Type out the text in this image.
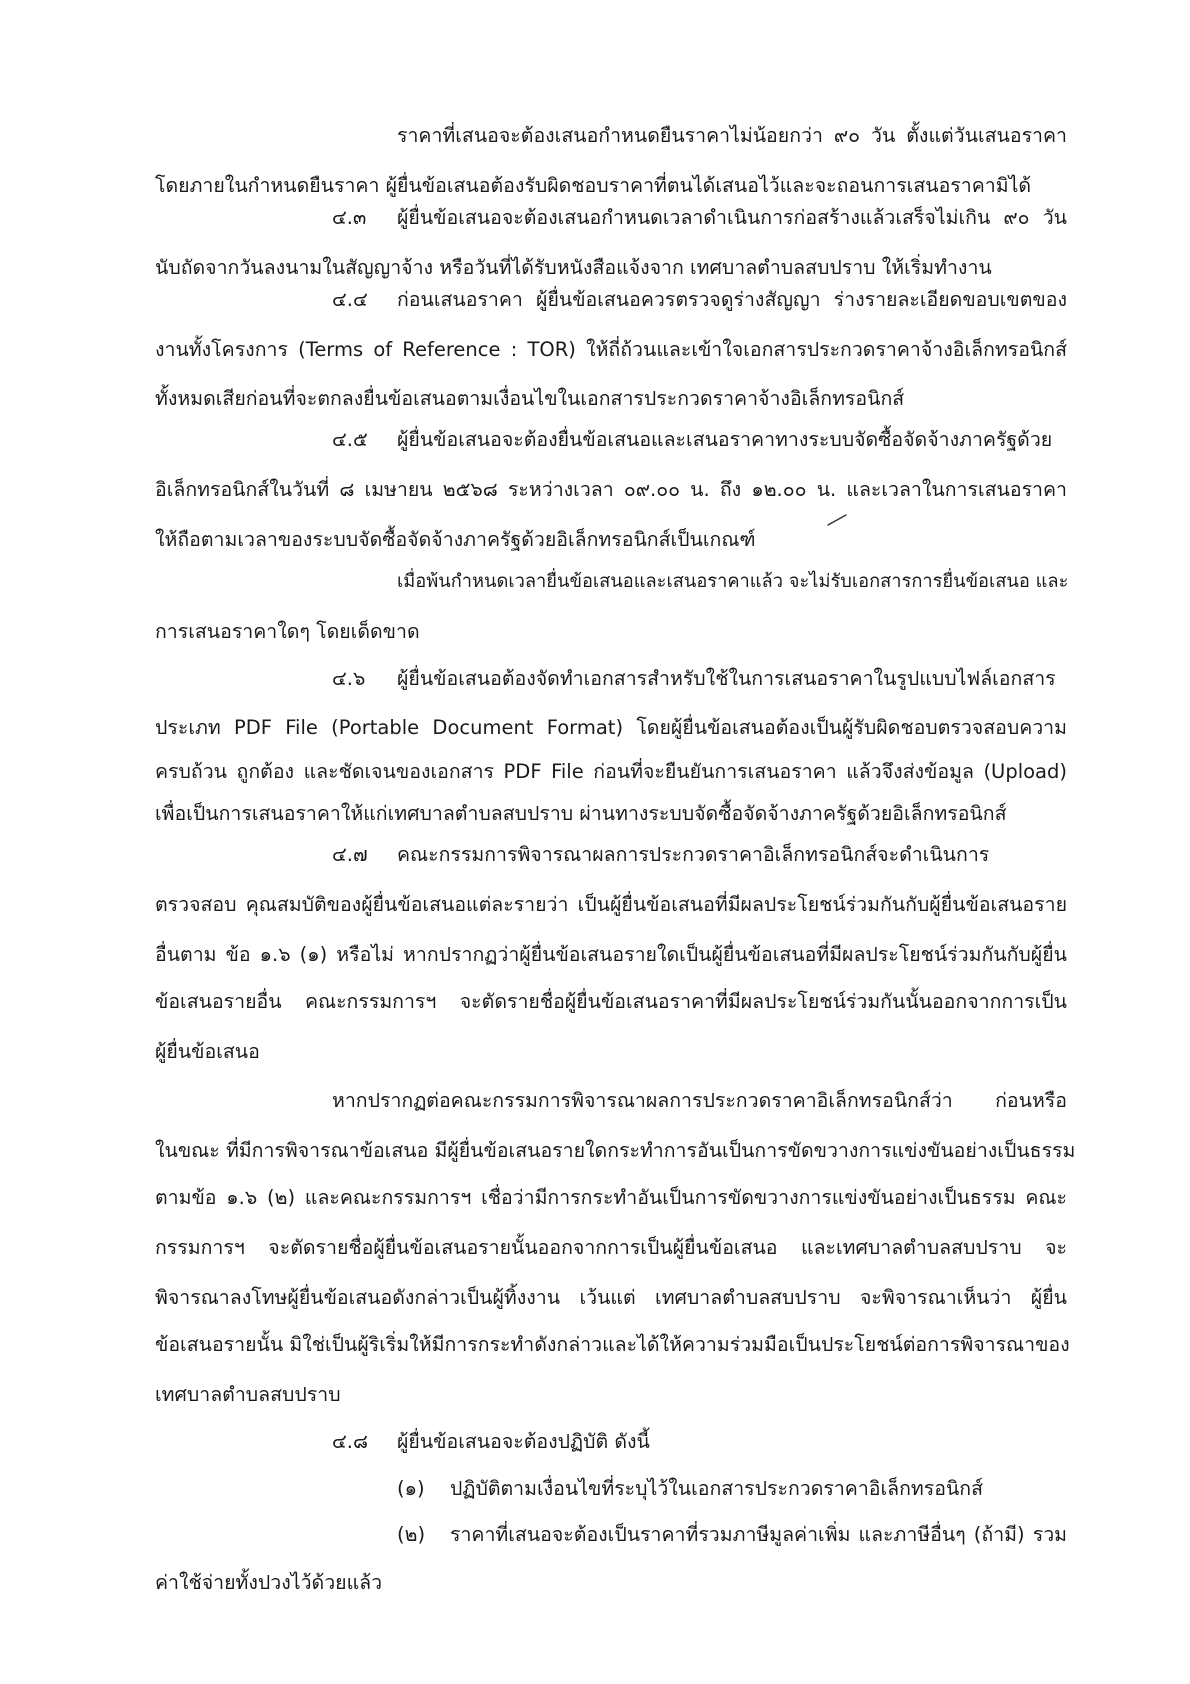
ราคาที่เสนอจะต้องเสนอกำหนดยืนราคาไม่น้อยกว่า ๙๐ วัน ตั้งแต่วันเสนอราคา
โดยภายในกำหนดยืนราคา ผู้ยื่นข้อเสนอต้องรับผิดชอบราคาที่ตนได้เสนอไว้และจะถอนการเสนอราคามิได้
๔.๓ ผู้ยื่นข้อเสนอจะต้องเสนอกำหนดเวลาดำเนินการก่อสร้างแล้วเสร็จไม่เกิน ๙๐ วัน
นับถัดจากวันลงนามในสัญญาจ้าง หรือวันที่ได้รับหนังสือแจ้งจาก เทศบาลตำบลสบปราบ ให้เริ่มทำงาน
๔.๔ ก่อนเสนอราคา ผู้ยื่นข้อเสนอควรตรวจดูร่างสัญญา ร่างรายละเอียดขอบเขตของ
งานทั้งโครงการ (Terms of Reference : TOR) ให้ถี่ถ้วนและเข้าใจเอกสารประกวดราคาจ้างอิเล็กทรอนิกส์
ทั้งหมดเสียก่อนที่จะตกลงยื่นข้อเสนอตามเงื่อนไขในเอกสารประกวดราคาจ้างอิเล็กทรอนิกส์
๔.๕ ผู้ยื่นข้อเสนอจะต้องยื่นข้อเสนอและเสนอราคาทางระบบจัดซื้อจัดจ้างภาครัฐด้วย
อิเล็กทรอนิกส์ในวันที่ ๘ เมษายน ๒๕๖๘ ระหว่างเวลา ๐๙.๐๐ น. ถึง ๑๒.๐๐ น. และเวลาในการเสนอราคา
ให้ถือตามเวลาของระบบจัดซื้อจัดจ้างภาครัฐด้วยอิเล็กทรอนิกส์เป็นเกณฑ์
เมื่อพ้นกำหนดเวลายื่นข้อเสนอและเสนอราคาแล้ว จะไม่รับเอกสารการยื่นข้อเสนอ และ
การเสนอราคาใดๆ โดยเด็ดขาด
๔.๖ ผู้ยื่นข้อเสนอต้องจัดทำเอกสารสำหรับใช้ในการเสนอราคาในรูปแบบไฟล์เอกสาร
ประเภท PDF File (Portable Document Format) โดยผู้ยื่นข้อเสนอต้องเป็นผู้รับผิดชอบตรวจสอบความ
ครบถ้วน ถูกต้อง และชัดเจนของเอกสาร PDF File ก่อนที่จะยืนยันการเสนอราคา แล้วจึงส่งข้อมูล (Upload)
เพื่อเป็นการเสนอราคาให้แก่เทศบาลตำบลสบปราบ ผ่านทางระบบจัดซื้อจัดจ้างภาครัฐด้วยอิเล็กทรอนิกส์
๔.๗ คณะกรรมการพิจารณาผลการประกวดราคาอิเล็กทรอนิกส์จะดำเนินการ
ตรวจสอบ คุณสมบัติของผู้ยื่นข้อเสนอแต่ละรายว่า เป็นผู้ยื่นข้อเสนอที่มีผลประโยชน์ร่วมกันกับผู้ยื่นข้อเสนอราย
อื่นตาม ข้อ ๑.๖ (๑) หรือไม่ หากปรากฏว่าผู้ยื่นข้อเสนอรายใดเป็นผู้ยื่นข้อเสนอที่มีผลประโยชน์ร่วมกันกับผู้ยื่น
ข้อเสนอรายอื่น คณะกรรมการฯ จะตัดรายชื่อผู้ยื่นข้อเสนอราคาที่มีผลประโยชน์ร่วมกันนั้นออกจากการเป็น
ผู้ยื่นข้อเสนอ
หากปรากฏต่อคณะกรรมการพิจารณาผลการประกวดราคาอิเล็กทรอนิกส์ว่า ก่อนหรือ
ในขณะ ที่มีการพิจารณาข้อเสนอ มีผู้ยื่นข้อเสนอรายใดกระทำการอันเป็นการขัดขวางการแข่งขันอย่างเป็นธรรม
ตามข้อ ๑.๖ (๒) และคณะกรรมการฯ เชื่อว่ามีการกระทำอันเป็นการขัดขวางการแข่งขันอย่างเป็นธรรม คณะ
กรรมการฯ จะตัดรายชื่อผู้ยื่นข้อเสนอรายนั้นออกจากการเป็นผู้ยื่นข้อเสนอ และเทศบาลตำบลสบปราบ จะ
พิจารณาลงโทษผู้ยื่นข้อเสนอดังกล่าวเป็นผู้ทิ้งงาน เว้นแต่ เทศบาลตำบลสบปราบ จะพิจารณาเห็นว่า ผู้ยื่น
ข้อเสนอรายนั้น มิใช่เป็นผู้ริเริ่มให้มีการกระทำดังกล่าวและได้ให้ความร่วมมือเป็นประโยชน์ต่อการพิจารณาของ
เทศบาลตำบลสบปราบ
๔.๘ ผู้ยื่นข้อเสนอจะต้องปฏิบัติ ดังนี้
(๑) ปฏิบัติตามเงื่อนไขที่ระบุไว้ในเอกสารประกวดราคาอิเล็กทรอนิกส์
(๒) ราคาที่เสนอจะต้องเป็นราคาที่รวมภาษีมูลค่าเพิ่ม และภาษีอื่นๆ (ถ้ามี) รวม
ค่าใช้จ่ายทั้งปวงไว้ด้วยแล้ว
